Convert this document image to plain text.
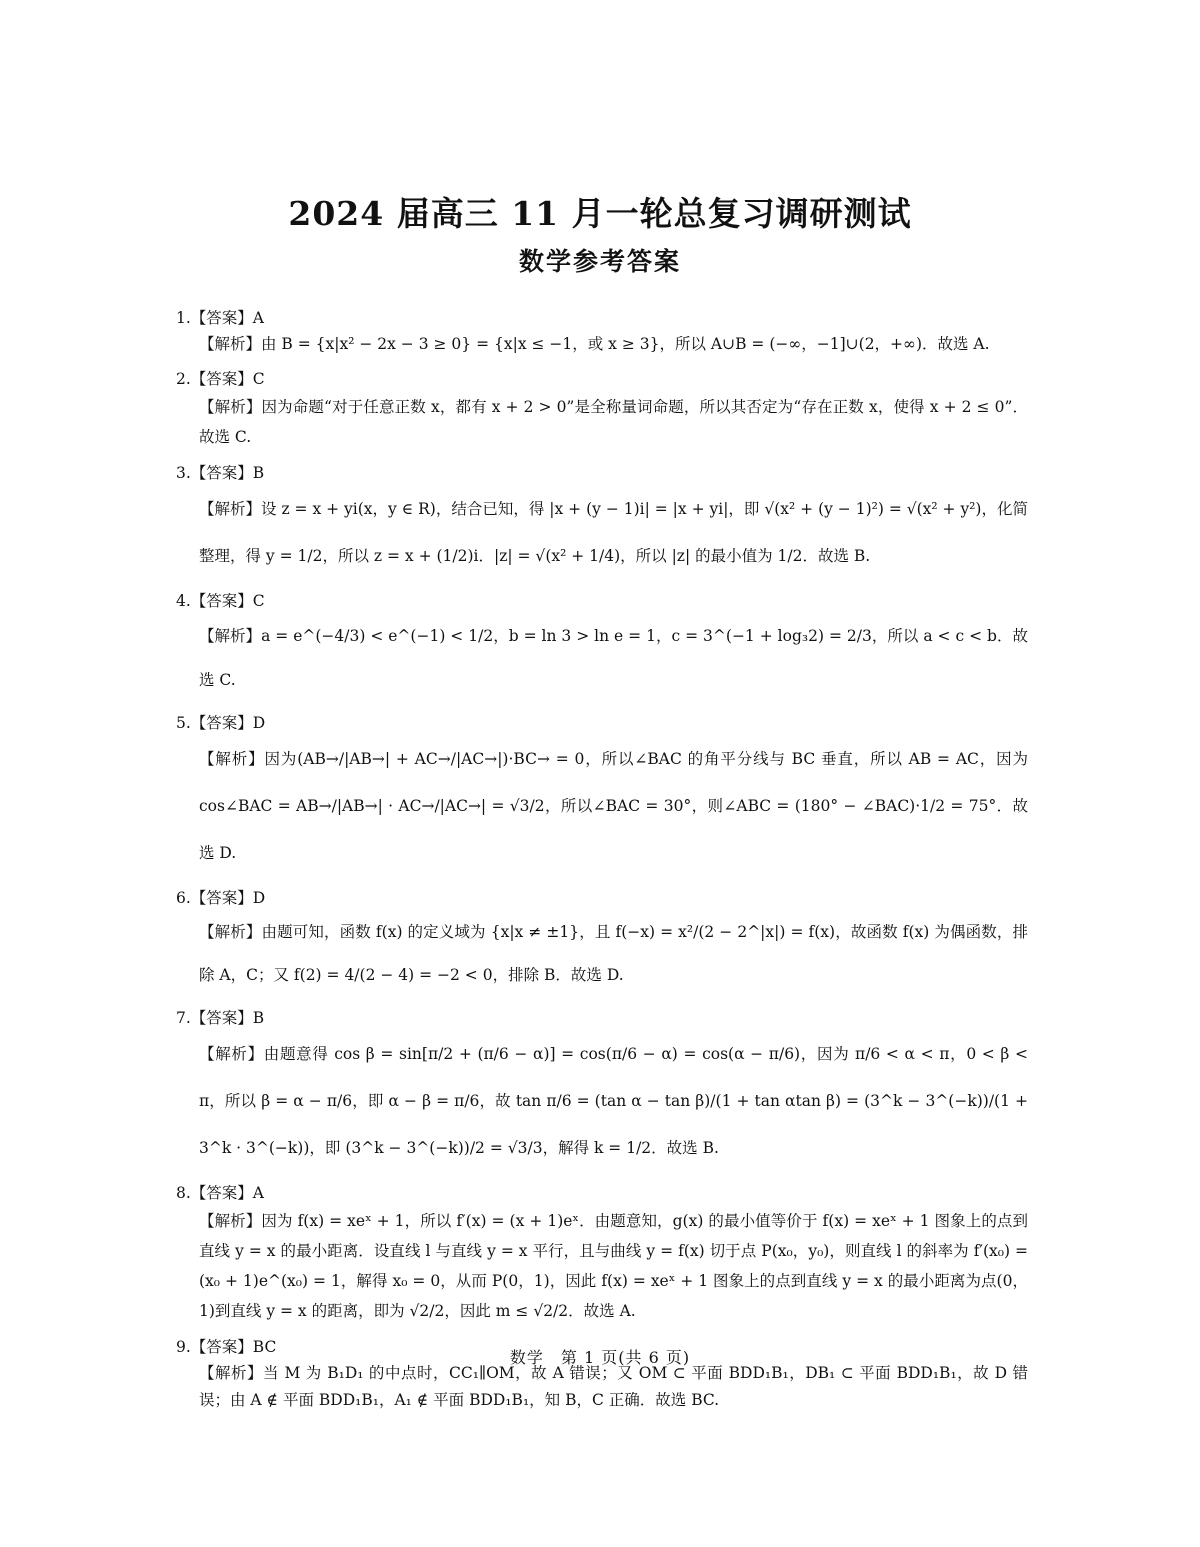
2024 届高三 11 月一轮总复习调研测试
数学参考答案
1.【答案】A
【解析】由 B = {x|x² − 2x − 3 ≥ 0} = {x|x ≤ −1，或 x ≥ 3}，所以 A∪B = (−∞，−1]∪(2，+∞)．故选 A.
2.【答案】C
【解析】因为命题“对于任意正数 x，都有 x + 2 > 0”是全称量词命题，所以其否定为“存在正数 x，使得 x + 2 ≤ 0”．故选 C.
3.【答案】B
【解析】设 z = x + yi(x，y ∈ R)，结合已知，得 |x + (y − 1)i| = |x + yi|，即 √(x² + (y − 1)²) = √(x² + y²)，化简整理，得 y = 1/2，所以 z = x + (1/2)i．|z| = √(x² + 1/4)，所以 |z| 的最小值为 1/2．故选 B.
4.【答案】C
【解析】a = e^(−4/3) < e^(−1) < 1/2，b = ln 3 > ln e = 1，c = 3^(−1 + log₃2) = 2/3，所以 a < c < b．故选 C.
5.【答案】D
【解析】因为(AB→/|AB→| + AC→/|AC→|)·BC→ = 0，所以∠BAC 的角平分线与 BC 垂直，所以 AB = AC，因为 cos∠BAC = AB→/|AB→| · AC→/|AC→| = √3/2，所以∠BAC = 30°，则∠ABC = (180° − ∠BAC)·1/2 = 75°．故选 D.
6.【答案】D
【解析】由题可知，函数 f(x) 的定义域为 {x|x ≠ ±1}，且 f(−x) = x²/(2 − 2^|x|) = f(x)，故函数 f(x) 为偶函数，排除 A，C；又 f(2) = 4/(2 − 4) = −2 < 0，排除 B．故选 D.
7.【答案】B
【解析】由题意得 cos β = sin[π/2 + (π/6 − α)] = cos(π/6 − α) = cos(α − π/6)，因为 π/6 < α < π，0 < β < π，所以 β = α − π/6，即 α − β = π/6，故 tan π/6 = (tan α − tan β)/(1 + tan αtan β) = (3^k − 3^(−k))/(1 + 3^k · 3^(−k))，即 (3^k − 3^(−k))/2 = √3/3，解得 k = 1/2．故选 B.
8.【答案】A
【解析】因为 f(x) = xeˣ + 1，所以 f′(x) = (x + 1)eˣ．由题意知，g(x) 的最小值等价于 f(x) = xeˣ + 1 图象上的点到直线 y = x 的最小距离．设直线 l 与直线 y = x 平行，且与曲线 y = f(x) 切于点 P(x₀，y₀)，则直线 l 的斜率为 f′(x₀) = (x₀ + 1)e^(x₀) = 1，解得 x₀ = 0，从而 P(0，1)，因此 f(x) = xeˣ + 1 图象上的点到直线 y = x 的最小距离为点(0，1)到直线 y = x 的距离，即为 √2/2，因此 m ≤ √2/2．故选 A.
9.【答案】BC
【解析】当 M 为 B₁D₁ 的中点时，CC₁∥OM，故 A 错误；又 OM ⊂ 平面 BDD₁B₁，DB₁ ⊂ 平面 BDD₁B₁，故 D 错误；由 A ∉ 平面 BDD₁B₁，A₁ ∉ 平面 BDD₁B₁，知 B，C 正确．故选 BC.
数学　第 1 页(共 6 页)
